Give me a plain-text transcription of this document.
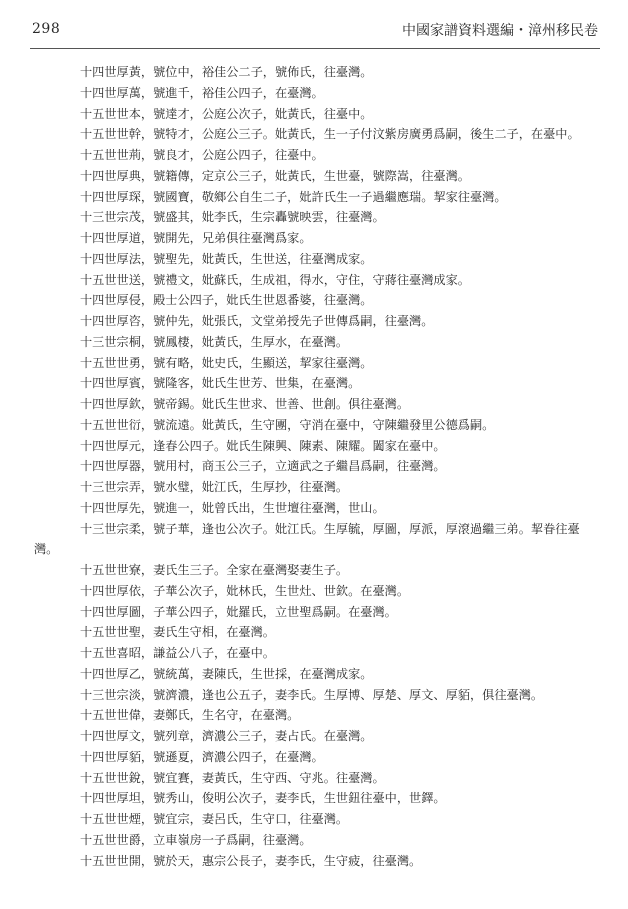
298	中國家譜資料選編・漳州移民卷

十四世厚黃，號位中，裕佳公二子，號佈氏，往臺灣。

十四世厚萬，號進千，裕佳公四子，在臺灣。

十五世世本，號達才，公庭公次子，妣黃氏，往臺中。

十五世世幹，號特才，公庭公三子。妣黃氏，生一子付汶紫房廣勇爲嗣，後生二子，在臺中。

十五世世荊，號良才，公庭公四子，往臺中。

十四世厚典，號籍傳，定京公三子，妣黃氏，生世臺，號際嵩，往臺灣。

十四世厚琛，號國寶，敬鄉公自生二子，妣許氏生一子過繼應瑞。挈家往臺灣。

十三世宗茂，號盛其，妣李氏，生宗轟號映雲，往臺灣。

十四世厚道，號開先，兄弟俱往臺灣爲家。

十四世厚法，號聖先，妣黃氏，生世送，往臺灣成家。

十五世世送，號禮文，妣蘇氏，生成祖，得水，守住，守蔣往臺灣成家。

十四世厚侵，殿士公四子，妣氏生世恩番婆，往臺灣。

十四世厚咨，號仲先，妣張氏，文堂弟授先子世傳爲嗣，往臺灣。

十三世宗桐，號鳳棲，妣黃氏，生厚水，在臺灣。

十五世世勇，號有略，妣史氏，生顯送，挈家往臺灣。

十四世厚賓，號隆客，妣氏生世芳、世集，在臺灣。

十四世厚欽，號帝錫。妣氏生世求、世善、世創。俱往臺灣。

十五世世衍，號流遠。妣黃氏，生守團，守消在臺中，守陳繼發里公德爲嗣。

十四世厚元，逢春公四子。妣氏生陳興、陳素、陳耀。闔家在臺中。

十四世厚器，號用村，商玉公三子，立適武之子繼昌爲嗣，往臺灣。

十三世宗弄，號水璧，妣江氏，生厚抄，往臺灣。

十四世厚先，號進一，妣曾氏出，生世壇往臺灣，世山。

十三世宗柔，號子華，逢也公次子。妣江氏。生厚毓，厚圖，厚派，厚滾過繼三弟。挈眷往臺灣。

十五世世寮，妻氏生三子。全家在臺灣娶妻生子。

十四世厚依，子華公次子，妣林氏，生世灶、世欽。在臺灣。

十四世厚圖，子華公四子，妣羅氏，立世聖爲嗣。在臺灣。

十五世世聖，妻氏生守相，在臺灣。

十五世喜昭，謙益公八子，在臺中。

十四世厚乙，號統萬，妻陳氏，生世採，在臺灣成家。

十三世宗淡，號濟濃，逢也公五子，妻李氏。生厚博、厚楚、厚文、厚貊，俱往臺灣。

十五世世偉，妻鄭氏，生名守，在臺灣。

十四世厚文，號列章，濟濃公三子，妻占氏。在臺灣。

十四世厚貊，號遜夏，濟濃公四子，在臺灣。

十五世世銳，號宜賽，妻黃氏，生守西、守兆。往臺灣。

十四世厚坦，號秀山，俊明公次子，妻李氏，生世鈕往臺中，世鐸。

十五世世煙，號宜宗，妻呂氏，生守口，往臺灣。

十五世世爵，立車嶺房一子爲嗣，往臺灣。

十五世世開，號於天，惠宗公長子，妻李氏，生守疲，往臺灣。
